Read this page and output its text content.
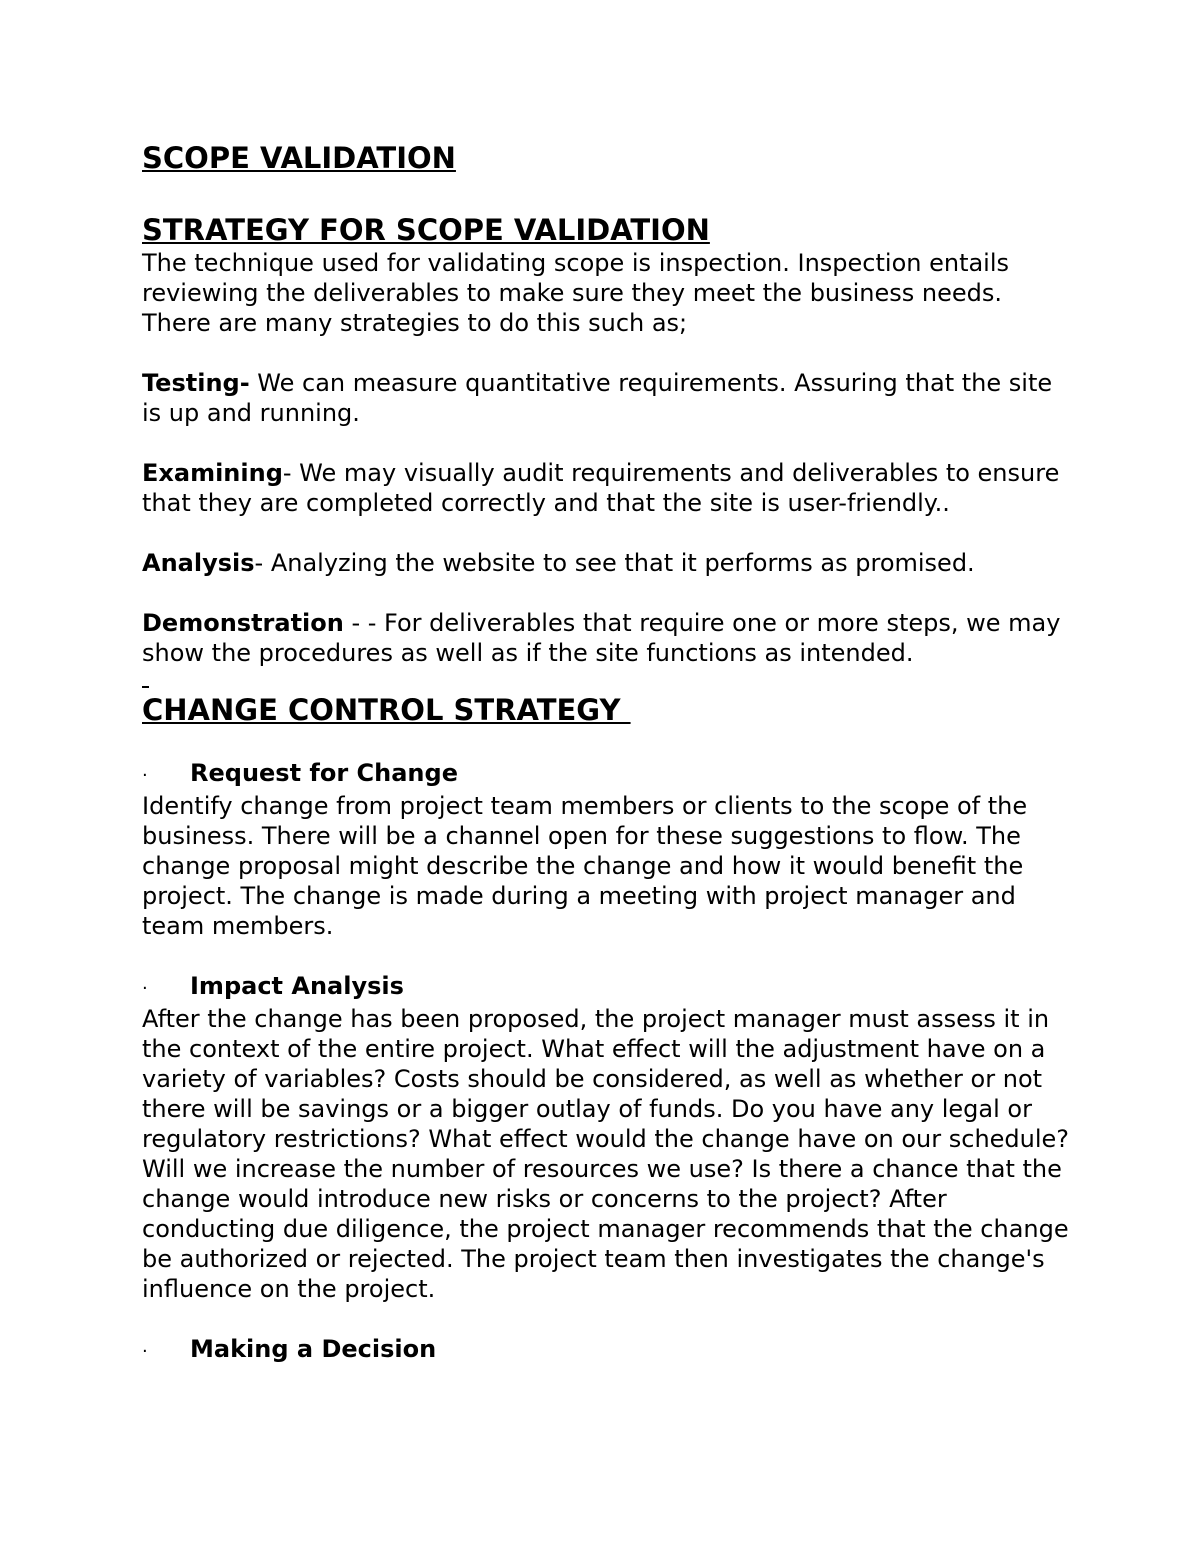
SCOPE VALIDATION
STRATEGY FOR SCOPE VALIDATION

The technique used for validating scope is inspection. Inspection entails reviewing the deliverables to make sure they meet the business needs. There are many strategies to do this such as;

Testing- We can measure quantitative requirements. Assuring that the site is up and running.

Examining- We may visually audit requirements and deliverables to ensure that they are completed correctly and that the site is user-friendly..

Analysis- Analyzing the website to see that it performs as promised.

Demonstration - - For deliverables that require one or more steps, we may show the procedures as well as if the site functions as intended.

CHANGE CONTROL STRATEGY
·	Request for Change

Identify change from project team members or clients to the scope of the business. There will be a channel open for these suggestions to flow. The change proposal might describe the change and how it would benefit the project. The change is made during a meeting with project manager and team members.

·	Impact Analysis

After the change has been proposed, the project manager must assess it in the context of the entire project. What effect will the adjustment have on a variety of variables? Costs should be considered, as well as whether or not there will be savings or a bigger outlay of funds. Do you have any legal or regulatory restrictions? What effect would the change have on our schedule? Will we increase the number of resources we use? Is there a chance that the change would introduce new risks or concerns to the project? After conducting due diligence, the project manager recommends that the change be authorized or rejected. The project team then investigates the change's influence on the project.

·	Making a Decision
